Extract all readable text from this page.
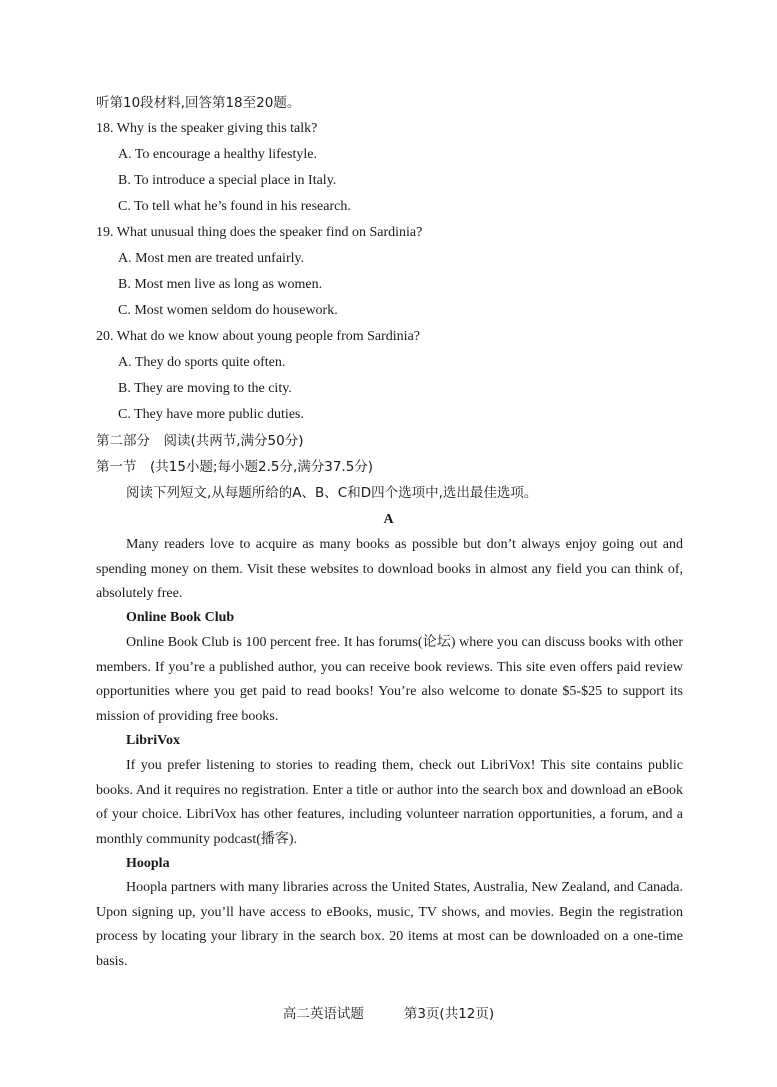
听第10段材料,回答第18至20题。
18. Why is the speaker giving this talk?
A. To encourage a healthy lifestyle.
B. To introduce a special place in Italy.
C. To tell what he’s found in his research.
19. What unusual thing does the speaker find on Sardinia?
A. Most men are treated unfairly.
B. Most men live as long as women.
C. Most women seldom do housework.
20. What do we know about young people from Sardinia?
A. They do sports quite often.
B. They are moving to the city.
C. They have more public duties.
第二部分　阅读(共两节,满分50分)
第一节　(共15小题;每小题2.5分,满分37.5分)
阅读下列短文,从每题所给的A、B、C和D四个选项中,选出最佳选项。
A
Many readers love to acquire as many books as possible but don’t always enjoy going out and spending money on them. Visit these websites to download books in almost any field you can think of, absolutely free.
Online Book Club
Online Book Club is 100 percent free. It has forums(论坛) where you can discuss books with other members. If you’re a published author, you can receive book reviews. This site even offers paid review opportunities where you get paid to read books! You’re also welcome to donate $5-$25 to support its mission of providing free books.
LibriVox
If you prefer listening to stories to reading them, check out LibriVox! This site contains public books. And it requires no registration. Enter a title or author into the search box and download an eBook of your choice. LibriVox has other features, including volunteer narration opportunities, a forum, and a monthly community podcast(播客).
Hoopla
Hoopla partners with many libraries across the United States, Australia, New Zealand, and Canada. Upon signing up, you’ll have access to eBooks, music, TV shows, and movies. Begin the registration process by locating your library in the search box. 20 items at most can be downloaded on a one-time basis.
高二英语试题	第3页(共12页)
